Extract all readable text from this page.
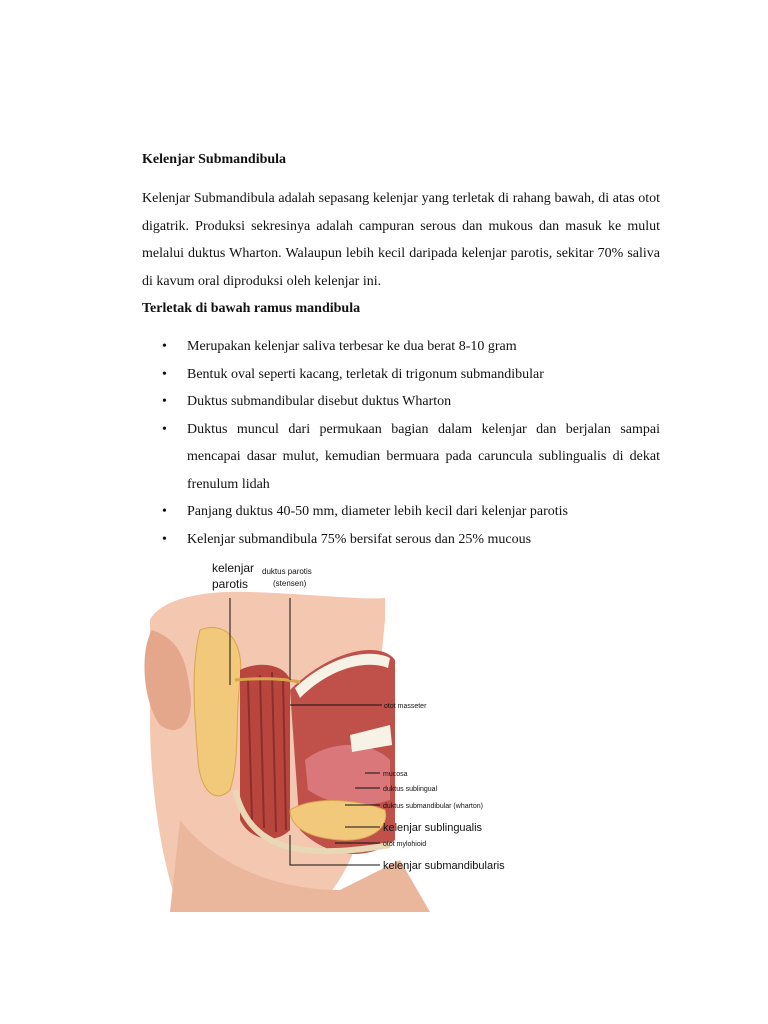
Kelenjar Submandibula

Kelenjar Submandibula adalah sepasang kelenjar yang terletak di rahang bawah, di atas otot digatrik. Produksi sekresinya adalah campuran serous dan mukous dan masuk ke mulut melalui duktus Wharton. Walaupun lebih kecil daripada kelenjar parotis, sekitar 70% saliva di kavum oral diproduksi oleh kelenjar ini.

Terletak di bawah ramus mandibula
• Merupakan kelenjar saliva terbesar ke dua berat 8-10 gram
• Bentuk oval seperti kacang, terletak di trigonum submandibular
• Duktus submandibular disebut duktus Wharton
• Duktus muncul dari permukaan bagian dalam kelenjar dan berjalan sampai mencapai dasar mulut, kemudian bermuara pada caruncula sublingualis di dekat frenulum lidah
• Panjang duktus 40-50 mm, diameter lebih kecil dari kelenjar parotis
• Kelenjar submandibula 75% bersifat serous dan 25% mucous
kelenjar
parotis
duktus parotis
(stensen)
otot masseter
mucosa
duktus sublingual
duktus submandibular (wharton)
kelenjar sublingualis
otot mylohioid
kelenjar submandibularis
